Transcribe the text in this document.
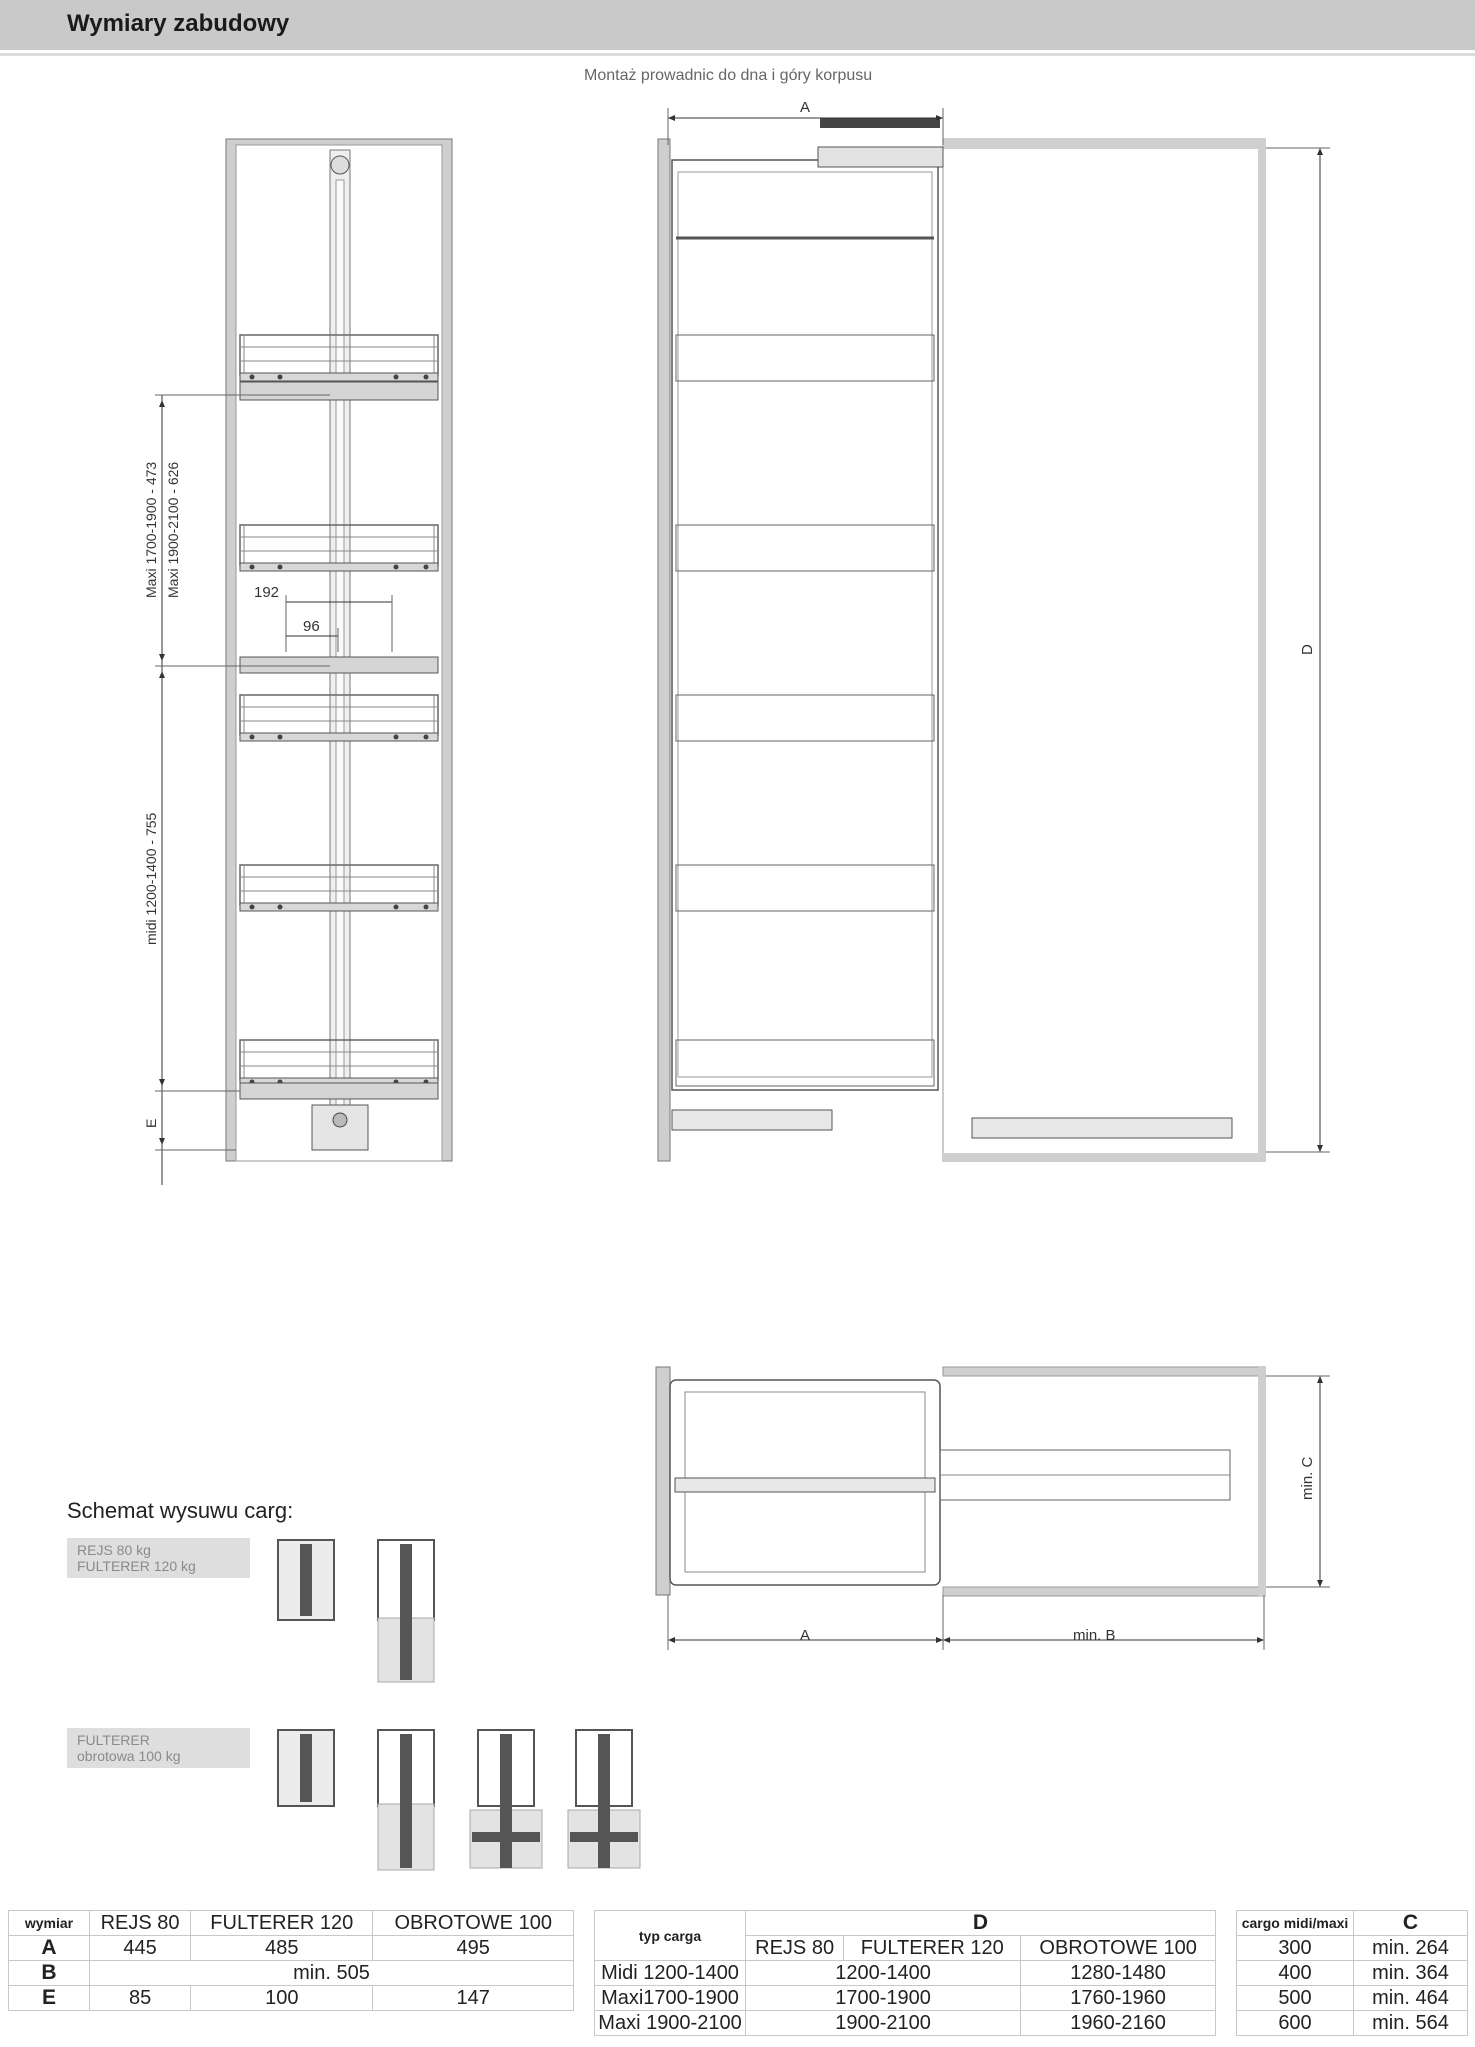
Wymiary zabudowy
Montaż prowadnic do dna i góry korpusu
Maxi 1700-1900 - 473 Maxi 1900-2100 - 626
midi 1200-1400 - 755
E
192
96
A
D
A	min. B
min. C
Schemat wysuwu carg:
REJS 80 kg
FULTERER 120 kg
FULTERER
obrotowa 100 kg
wymiar	REJS 80	FULTERER 120	OBROTOWE 100
A	445	485	495
B	min. 505		
E	85	100	147
typ carga	D		
	REJS 80	FULTERER 120	OBROTOWE 100
Midi 1200-1400	1200-1400		1280-1480
Maxi1700-1900	1700-1900		1760-1960
Maxi 1900-2100	1900-2100		1960-2160
cargo midi/maxi	C
300	min. 264
400	min. 364
500	min. 464
600	min. 564
